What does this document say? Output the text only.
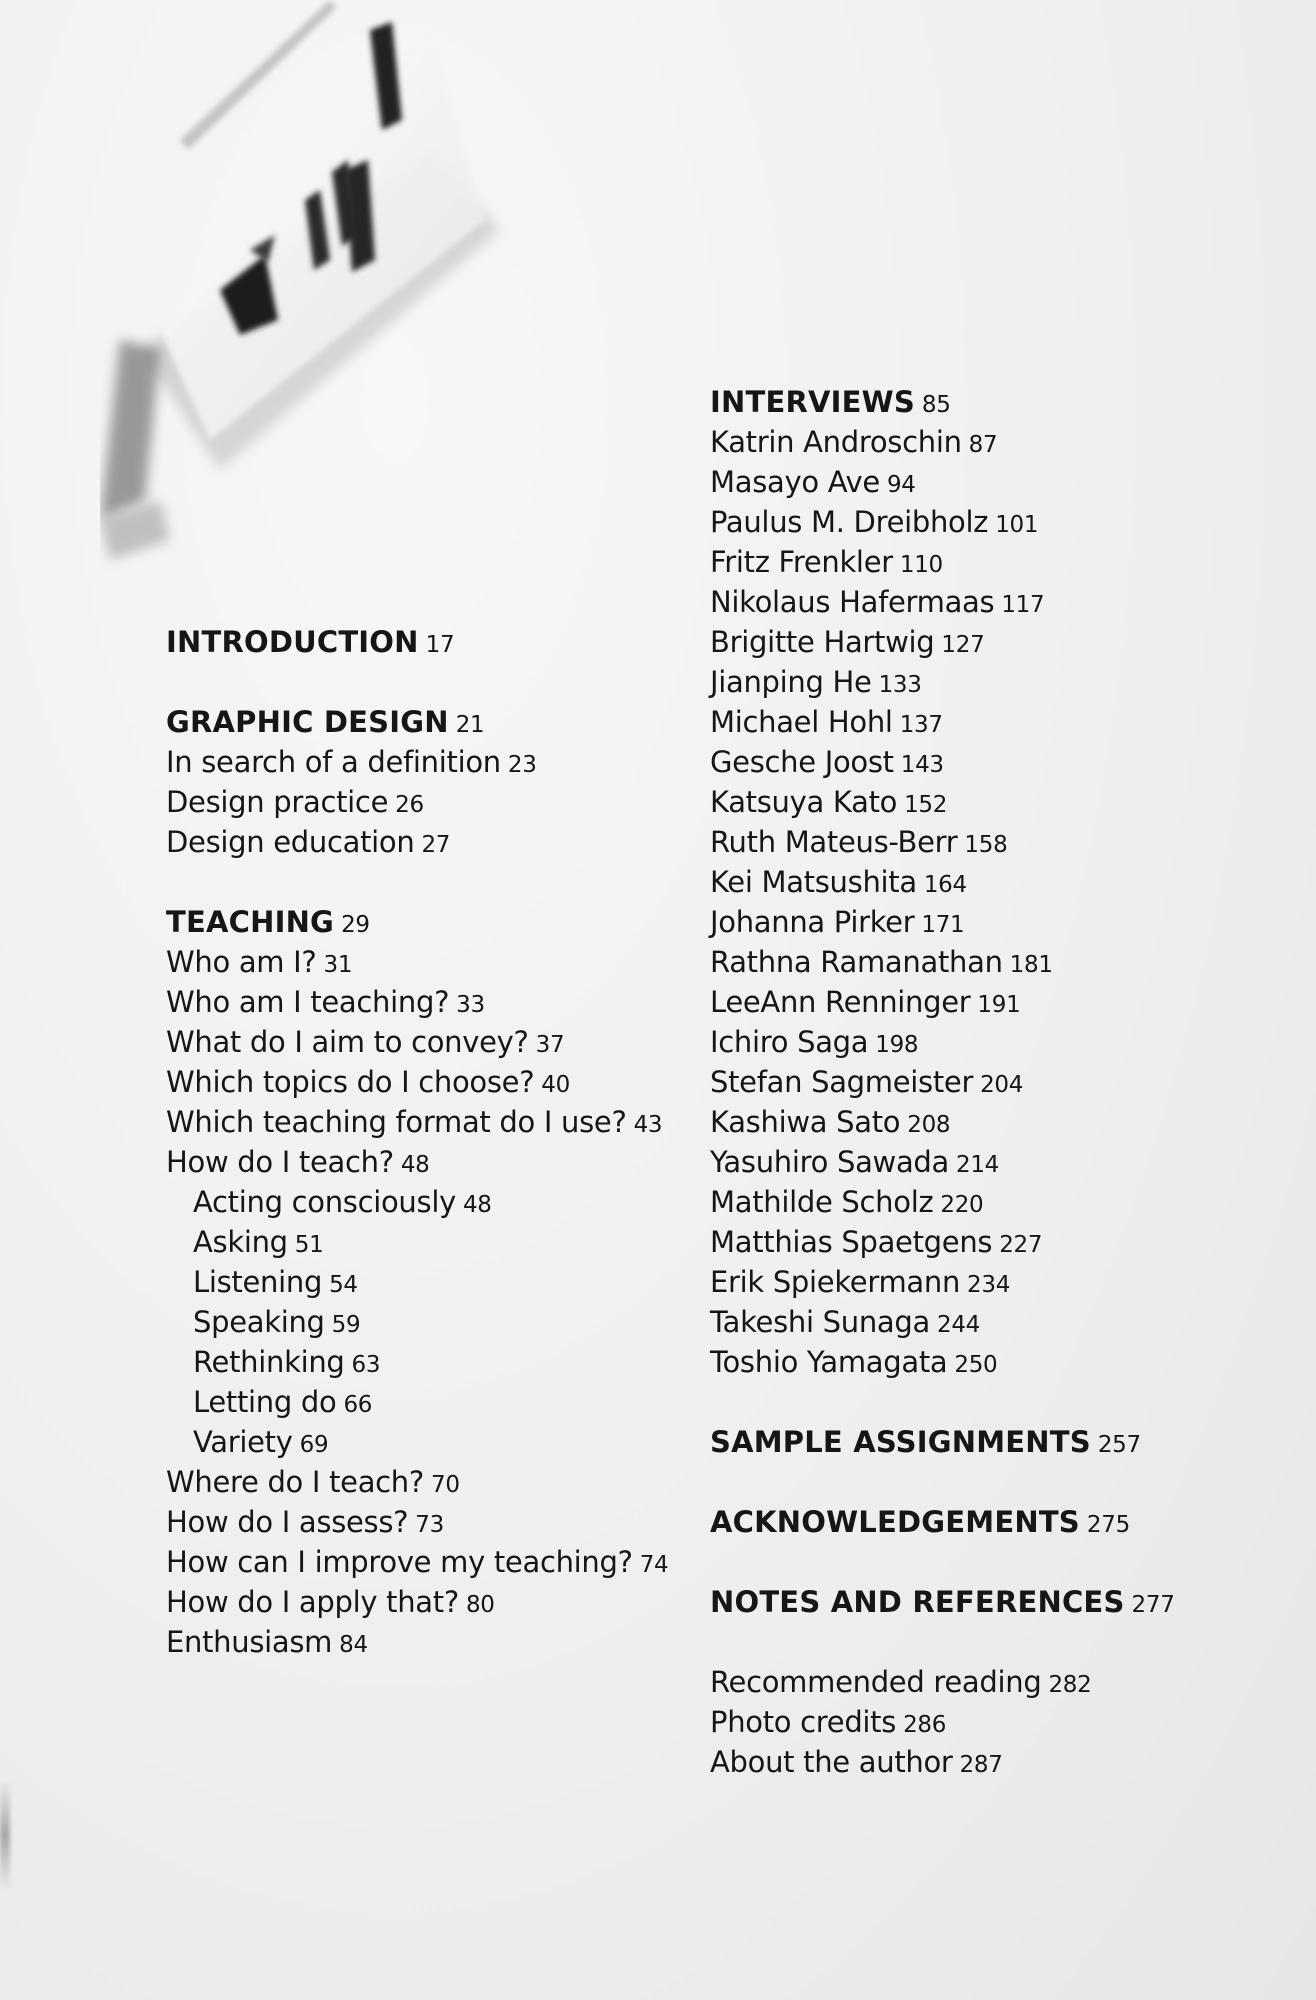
INTRODUCTION 17
GRAPHIC DESIGN 21
In search of a definition 23
Design practice 26
Design education 27
TEACHING 29
Who am I? 31
Who am I teaching? 33
What do I aim to convey? 37
Which topics do I choose? 40
Which teaching format do I use? 43
How do I teach? 48
Acting consciously 48
Asking 51
Listening 54
Speaking 59
Rethinking 63
Letting do 66
Variety 69
Where do I teach? 70
How do I assess? 73
How can I improve my teaching? 74
How do I apply that? 80
Enthusiasm 84
INTERVIEWS 85
Katrin Androschin 87
Masayo Ave 94
Paulus M. Dreibholz 101
Fritz Frenkler 110
Nikolaus Hafermaas 117
Brigitte Hartwig 127
Jianping He 133
Michael Hohl 137
Gesche Joost 143
Katsuya Kato 152
Ruth Mateus-Berr 158
Kei Matsushita 164
Johanna Pirker 171
Rathna Ramanathan 181
LeeAnn Renninger 191
Ichiro Saga 198
Stefan Sagmeister 204
Kashiwa Sato 208
Yasuhiro Sawada 214
Mathilde Scholz 220
Matthias Spaetgens 227
Erik Spiekermann 234
Takeshi Sunaga 244
Toshio Yamagata 250
SAMPLE ASSIGNMENTS 257
ACKNOWLEDGEMENTS 275
NOTES AND REFERENCES 277
Recommended reading 282
Photo credits 286
About the author 287
